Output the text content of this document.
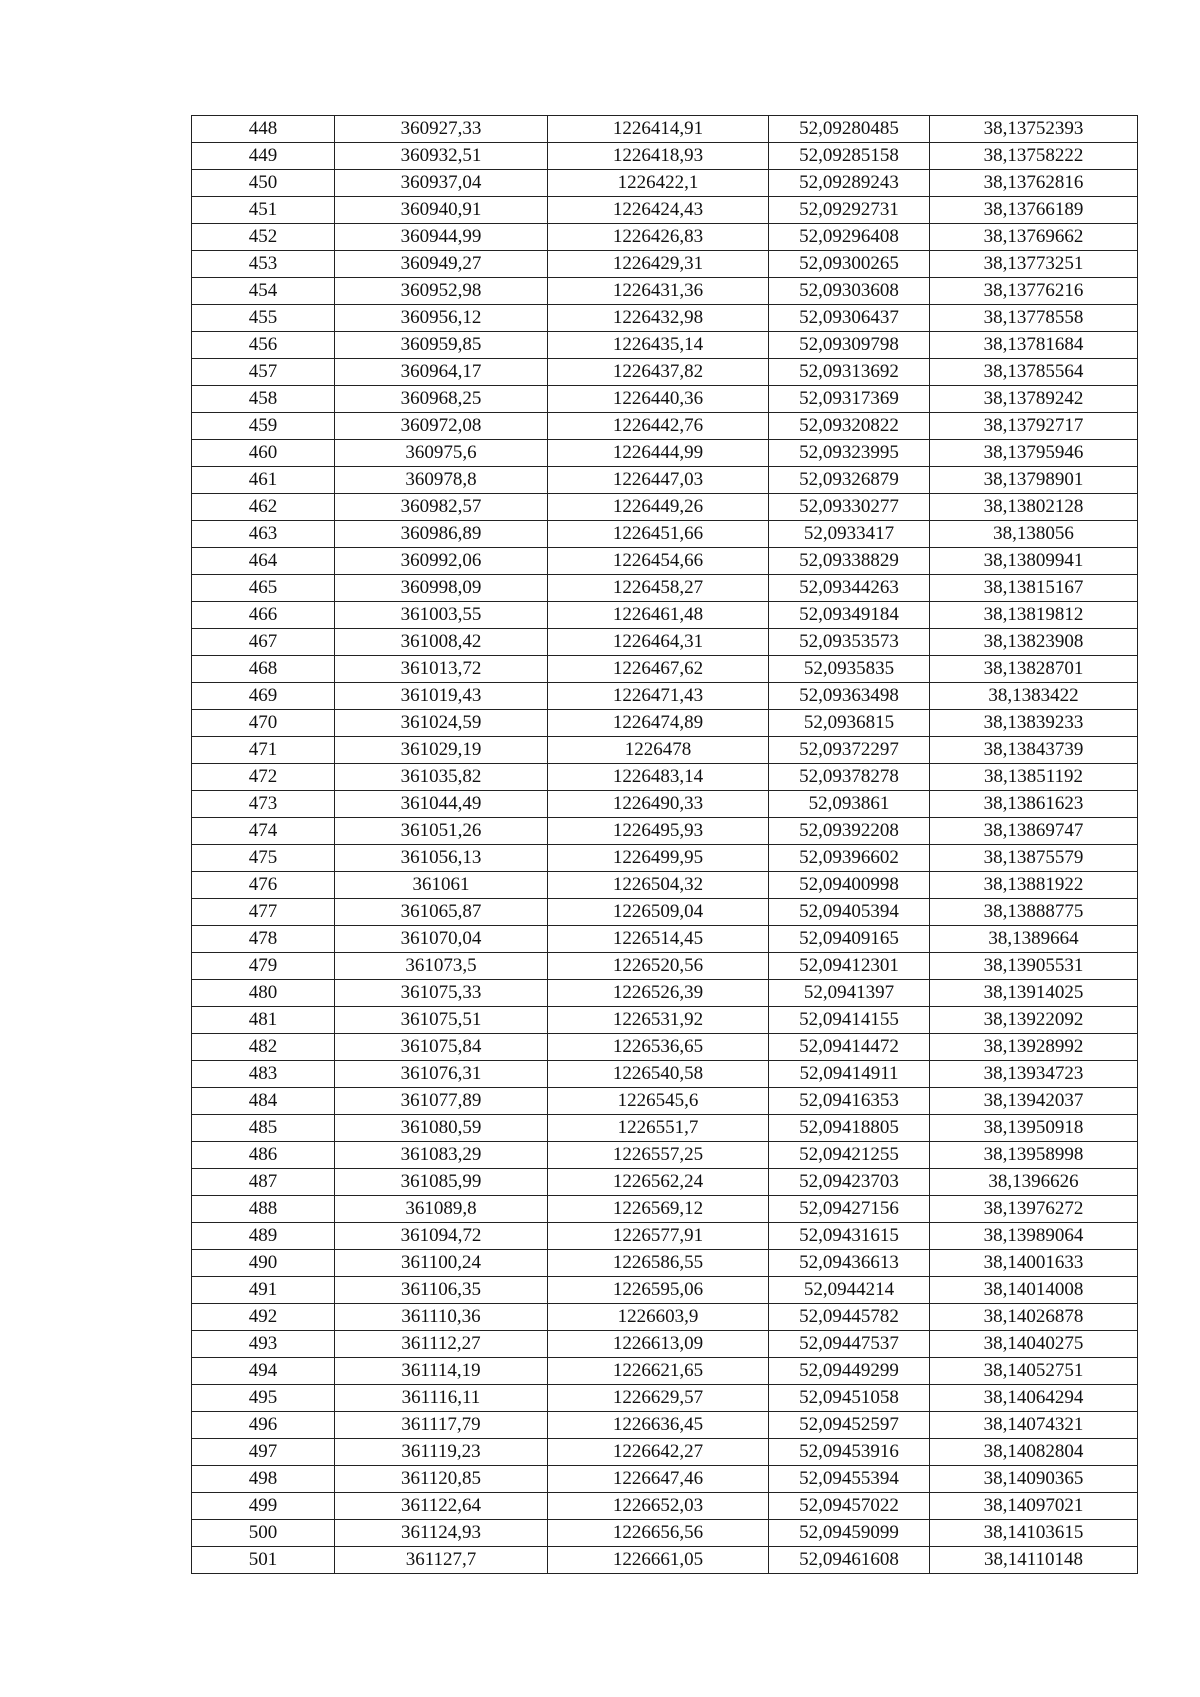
448	360927,33	1226414,91	52,09280485	38,13752393
449	360932,51	1226418,93	52,09285158	38,13758222
450	360937,04	1226422,1	52,09289243	38,13762816
451	360940,91	1226424,43	52,09292731	38,13766189
452	360944,99	1226426,83	52,09296408	38,13769662
453	360949,27	1226429,31	52,09300265	38,13773251
454	360952,98	1226431,36	52,09303608	38,13776216
455	360956,12	1226432,98	52,09306437	38,13778558
456	360959,85	1226435,14	52,09309798	38,13781684
457	360964,17	1226437,82	52,09313692	38,13785564
458	360968,25	1226440,36	52,09317369	38,13789242
459	360972,08	1226442,76	52,09320822	38,13792717
460	360975,6	1226444,99	52,09323995	38,13795946
461	360978,8	1226447,03	52,09326879	38,13798901
462	360982,57	1226449,26	52,09330277	38,13802128
463	360986,89	1226451,66	52,0933417	38,138056
464	360992,06	1226454,66	52,09338829	38,13809941
465	360998,09	1226458,27	52,09344263	38,13815167
466	361003,55	1226461,48	52,09349184	38,13819812
467	361008,42	1226464,31	52,09353573	38,13823908
468	361013,72	1226467,62	52,0935835	38,13828701
469	361019,43	1226471,43	52,09363498	38,1383422
470	361024,59	1226474,89	52,0936815	38,13839233
471	361029,19	1226478	52,09372297	38,13843739
472	361035,82	1226483,14	52,09378278	38,13851192
473	361044,49	1226490,33	52,093861	38,13861623
474	361051,26	1226495,93	52,09392208	38,13869747
475	361056,13	1226499,95	52,09396602	38,13875579
476	361061	1226504,32	52,09400998	38,13881922
477	361065,87	1226509,04	52,09405394	38,13888775
478	361070,04	1226514,45	52,09409165	38,1389664
479	361073,5	1226520,56	52,09412301	38,13905531
480	361075,33	1226526,39	52,0941397	38,13914025
481	361075,51	1226531,92	52,09414155	38,13922092
482	361075,84	1226536,65	52,09414472	38,13928992
483	361076,31	1226540,58	52,09414911	38,13934723
484	361077,89	1226545,6	52,09416353	38,13942037
485	361080,59	1226551,7	52,09418805	38,13950918
486	361083,29	1226557,25	52,09421255	38,13958998
487	361085,99	1226562,24	52,09423703	38,1396626
488	361089,8	1226569,12	52,09427156	38,13976272
489	361094,72	1226577,91	52,09431615	38,13989064
490	361100,24	1226586,55	52,09436613	38,14001633
491	361106,35	1226595,06	52,0944214	38,14014008
492	361110,36	1226603,9	52,09445782	38,14026878
493	361112,27	1226613,09	52,09447537	38,14040275
494	361114,19	1226621,65	52,09449299	38,14052751
495	361116,11	1226629,57	52,09451058	38,14064294
496	361117,79	1226636,45	52,09452597	38,14074321
497	361119,23	1226642,27	52,09453916	38,14082804
498	361120,85	1226647,46	52,09455394	38,14090365
499	361122,64	1226652,03	52,09457022	38,14097021
500	361124,93	1226656,56	52,09459099	38,14103615
501	361127,7	1226661,05	52,09461608	38,14110148
